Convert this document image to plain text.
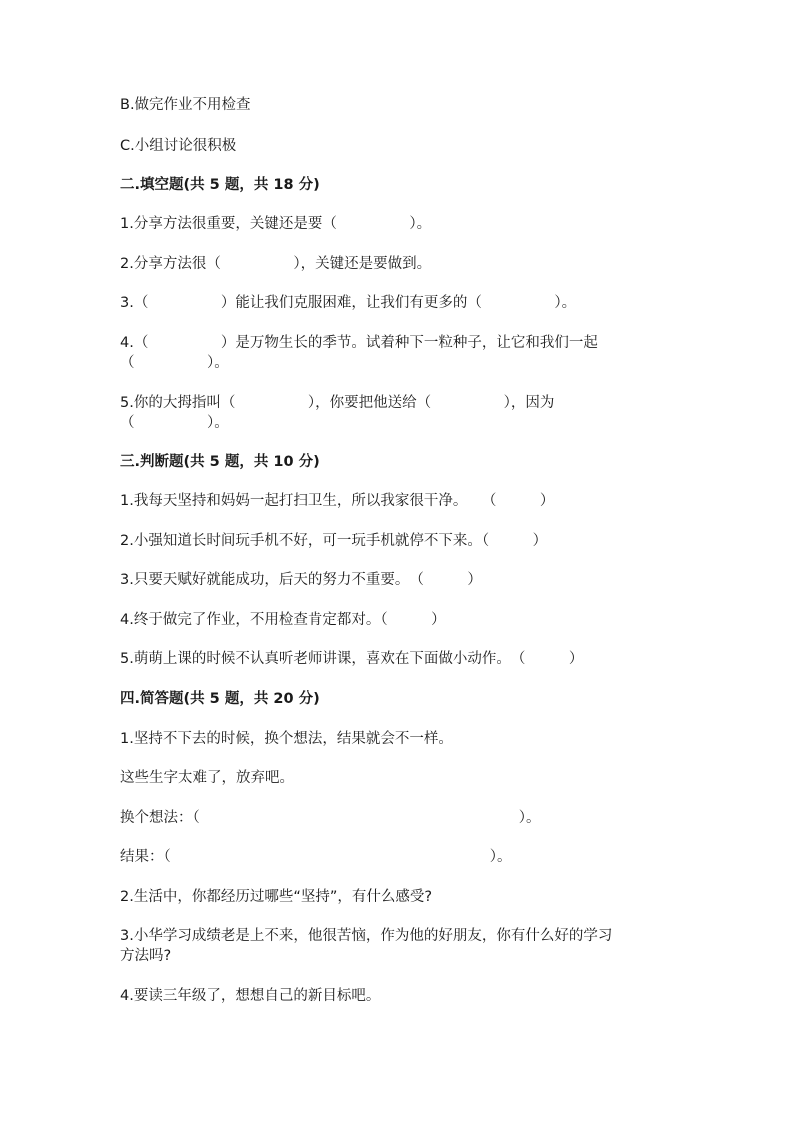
B.做完作业不用检查
C.小组讨论很积极
二.填空题(共 5 题，共 18 分)
1.分享方法很重要，关键还是要（　　　　　）。
2.分享方法很（　　　　　），关键还是要做到。
3.（　　　　　）能让我们克服困难，让我们有更多的（　　　　　）。
4.（　　　　　）是万物生长的季节。试着种下一粒种子，让它和我们一起
（　　　　　）。
5.你的大拇指叫（　　　　　），你要把他送给（　　　　　），因为
（　　　　　）。
三.判断题(共 5 题，共 10 分)
1.我每天坚持和妈妈一起打扫卫生，所以我家很干净。　　（　　　）
2.小强知道长时间玩手机不好，可一玩手机就停不下来。（　　　）
3.只要天赋好就能成功，后天的努力不重要。　（　　　）
4.终于做完了作业，不用检查肯定都对。（　　　）
5.萌萌上课的时候不认真听老师讲课，喜欢在下面做小动作。　（　　　）
四.简答题(共 5 题，共 20 分)
1.坚持不下去的时候，换个想法，结果就会不一样。
这些生字太难了，放弃吧。
换个想法：（　　　　　　　　　　　　　　　　　　　　　　）。
结果：（　　　　　　　　　　　　　　　　　　　　　　）。
2.生活中，你都经历过哪些“坚持”，有什么感受?
3.小华学习成绩老是上不来，他很苦恼，作为他的好朋友，你有什么好的学习
方法吗?
4.要读三年级了，想想自己的新目标吧。
